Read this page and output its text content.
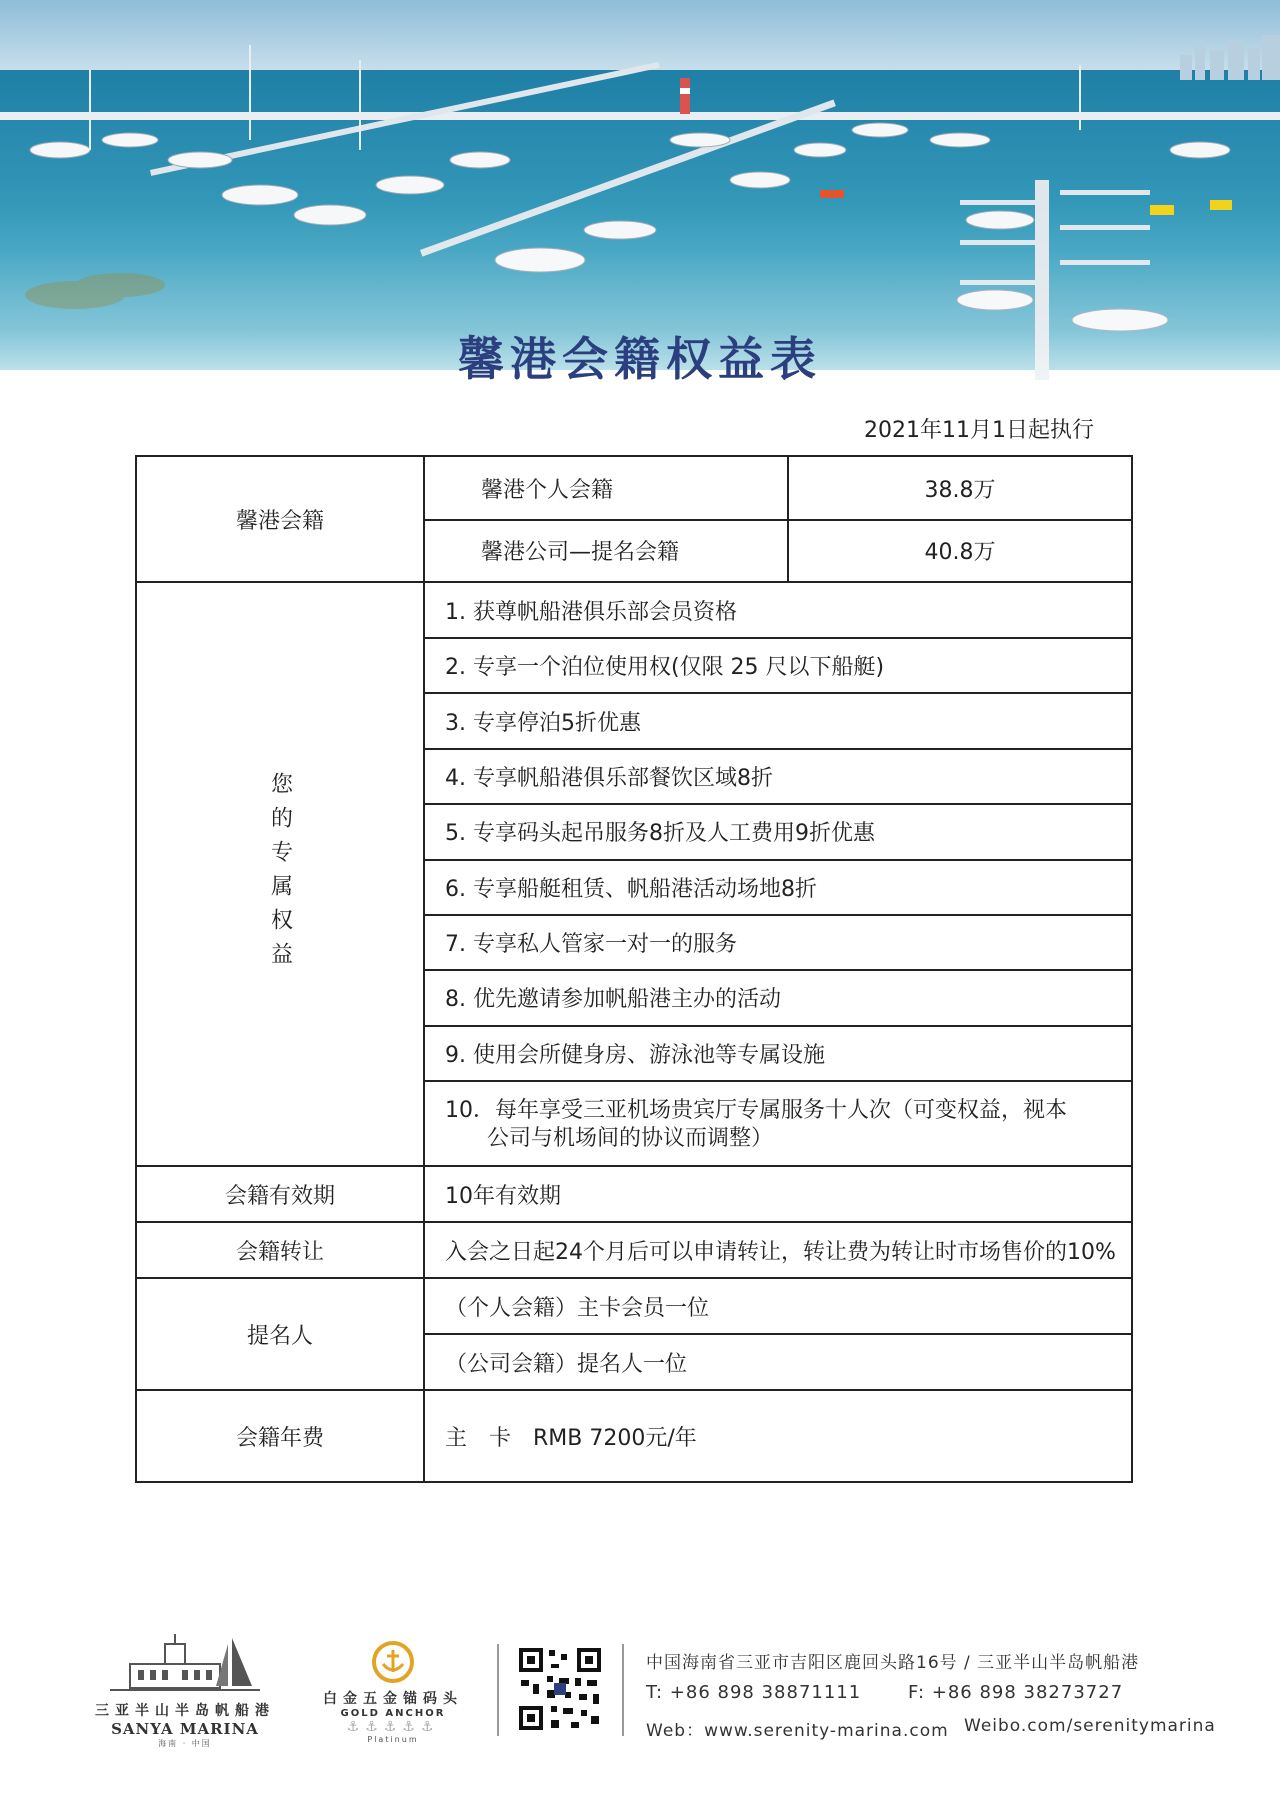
馨港会籍权益表
2021年11月1日起执行
馨港会籍
馨港个人会籍	38.8万
馨港公司—提名会籍	40.8万
您的专属权益
1. 获尊帆船港俱乐部会员资格
2. 专享一个泊位使用权(仅限 25 尺以下船艇)
3. 专享停泊5折优惠
4. 专享帆船港俱乐部餐饮区域8折
5. 专享码头起吊服务8折及人工费用9折优惠
6. 专享船艇租赁、帆船港活动场地8折
7. 专享私人管家一对一的服务
8. 优先邀请参加帆船港主办的活动
9. 使用会所健身房、游泳池等专属设施
10．每年享受三亚机场贵宾厅专属服务十人次（可变权益，视本
公司与机场间的协议而调整）
会籍有效期	10年有效期
会籍转让	入会之日起24个月后可以申请转让，转让费为转让时市场售价的10%
提名人
（个人会籍）主卡会员一位
（公司会籍）提名人一位
会籍年费	主　卡　RMB 7200元/年
三亚半山半岛帆船港
SANYA MARINA
海南 · 中国
白金五金锚码头
GOLD ANCHOR
⚓⚓⚓⚓⚓
Platinum
中国海南省三亚市吉阳区鹿回头路16号 / 三亚半山半岛帆船港
T: +86 898 38871111	F: +86 898 38273727
Web：www.serenity-marina.com Weibo.com/serenitymarina
